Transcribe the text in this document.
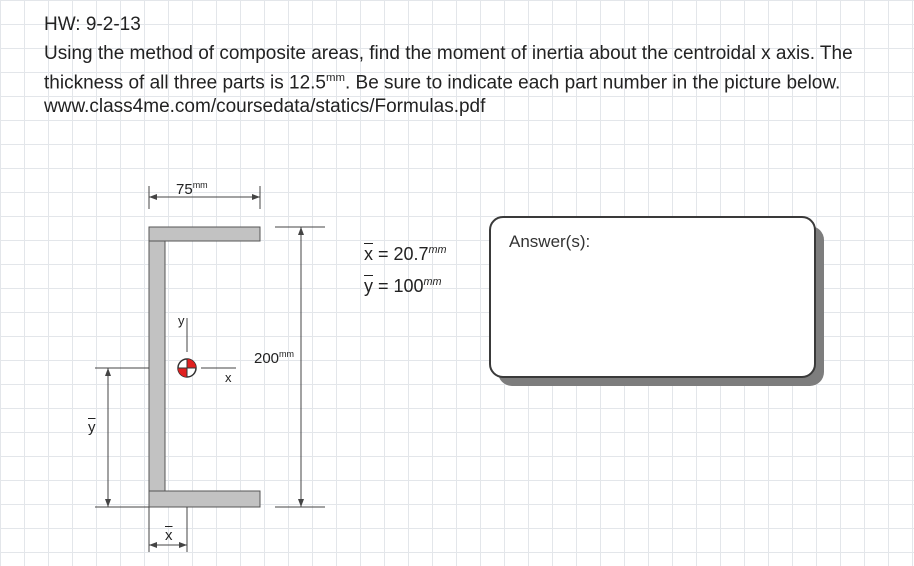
HW: 9-2-13
Using the method of composite areas, find the moment of inertia about the centroidal x axis. The thickness of all three parts is $12.5^{mm}$. Be sure to indicate each part number in the picture below. www.class4me.com/coursedata/statics/Formulas.pdf
$75^{mm}$
$200^{mm}$
y
x
$\overline{y}$
$\overline{x}$
$\overline{x} = 20.7^{mm}$
$\overline{y} = 100^{mm}$
Answer(s):
